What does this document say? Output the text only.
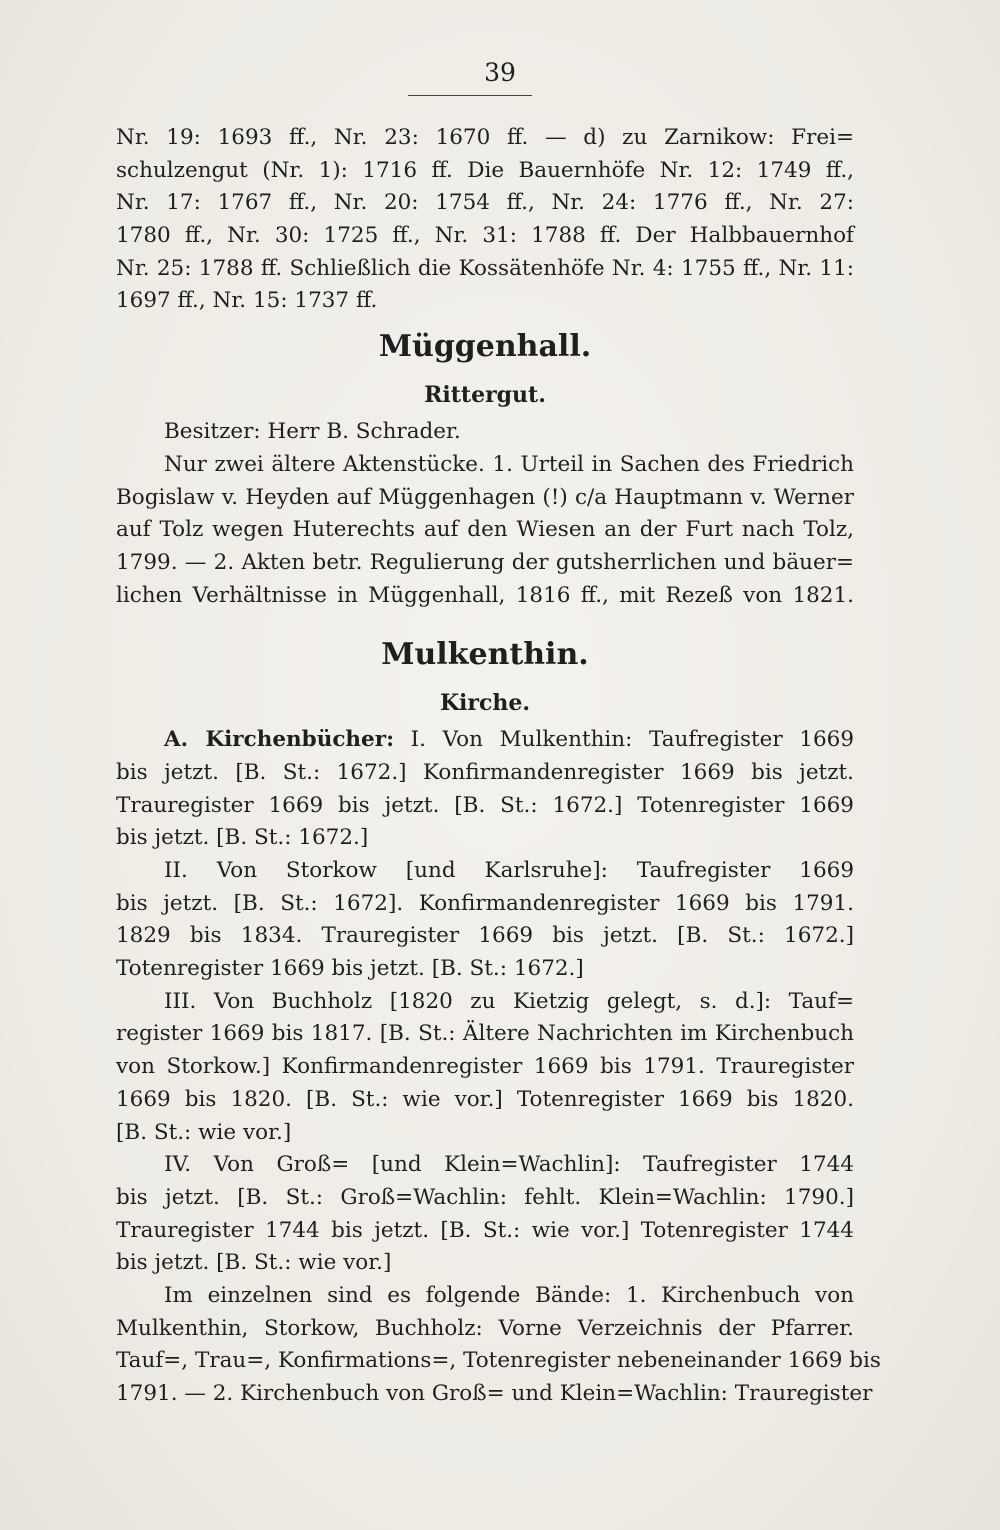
39
Nr. 19: 1693 ff., Nr. 23: 1670 ff. — d) zu Zarnikow: Frei=
schulzengut (Nr. 1): 1716 ff. Die Bauernhöfe Nr. 12: 1749 ff.,
Nr. 17: 1767 ff., Nr. 20: 1754 ff., Nr. 24: 1776 ff., Nr. 27:
1780 ff., Nr. 30: 1725 ff., Nr. 31: 1788 ff. Der Halbbauernhof
Nr. 25: 1788 ff. Schließlich die Kossätenhöfe Nr. 4: 1755 ff., Nr. 11:
1697 ff., Nr. 15: 1737 ff.
Müggenhall.
Rittergut.
Besitzer: Herr B. Schrader.
Nur zwei ältere Aktenstücke. 1. Urteil in Sachen des Friedrich
Bogislaw v. Heyden auf Müggenhagen (!) c/a Hauptmann v. Werner
auf Tolz wegen Huterechts auf den Wiesen an der Furt nach Tolz,
1799. — 2. Akten betr. Regulierung der gutsherrlichen und bäuer=
lichen Verhältnisse in Müggenhall, 1816 ff., mit Rezeß von 1821.
Mulkenthin.
Kirche.
A. Kirchenbücher: I. Von Mulkenthin: Taufregister 1669
bis jetzt. [B. St.: 1672.] Konfirmandenregister 1669 bis jetzt.
Trauregister 1669 bis jetzt. [B. St.: 1672.] Totenregister 1669
bis jetzt. [B. St.: 1672.]
II. Von Storkow [und Karlsruhe]: Taufregister 1669
bis jetzt. [B. St.: 1672]. Konfirmandenregister 1669 bis 1791.
1829 bis 1834. Trauregister 1669 bis jetzt. [B. St.: 1672.]
Totenregister 1669 bis jetzt. [B. St.: 1672.]
III. Von Buchholz [1820 zu Kietzig gelegt, s. d.]: Tauf=
register 1669 bis 1817. [B. St.: Ältere Nachrichten im Kirchenbuch
von Storkow.] Konfirmandenregister 1669 bis 1791. Trauregister
1669 bis 1820. [B. St.: wie vor.] Totenregister 1669 bis 1820.
[B. St.: wie vor.]
IV. Von Groß= [und Klein=Wachlin]: Taufregister 1744
bis jetzt. [B. St.: Groß=Wachlin: fehlt. Klein=Wachlin: 1790.]
Trauregister 1744 bis jetzt. [B. St.: wie vor.] Totenregister 1744
bis jetzt. [B. St.: wie vor.]
Im einzelnen sind es folgende Bände: 1. Kirchenbuch von
Mulkenthin, Storkow, Buchholz: Vorne Verzeichnis der Pfarrer.
Tauf=, Trau=, Konfirmations=, Totenregister nebeneinander 1669 bis
1791. — 2. Kirchenbuch von Groß= und Klein=Wachlin: Trauregister
